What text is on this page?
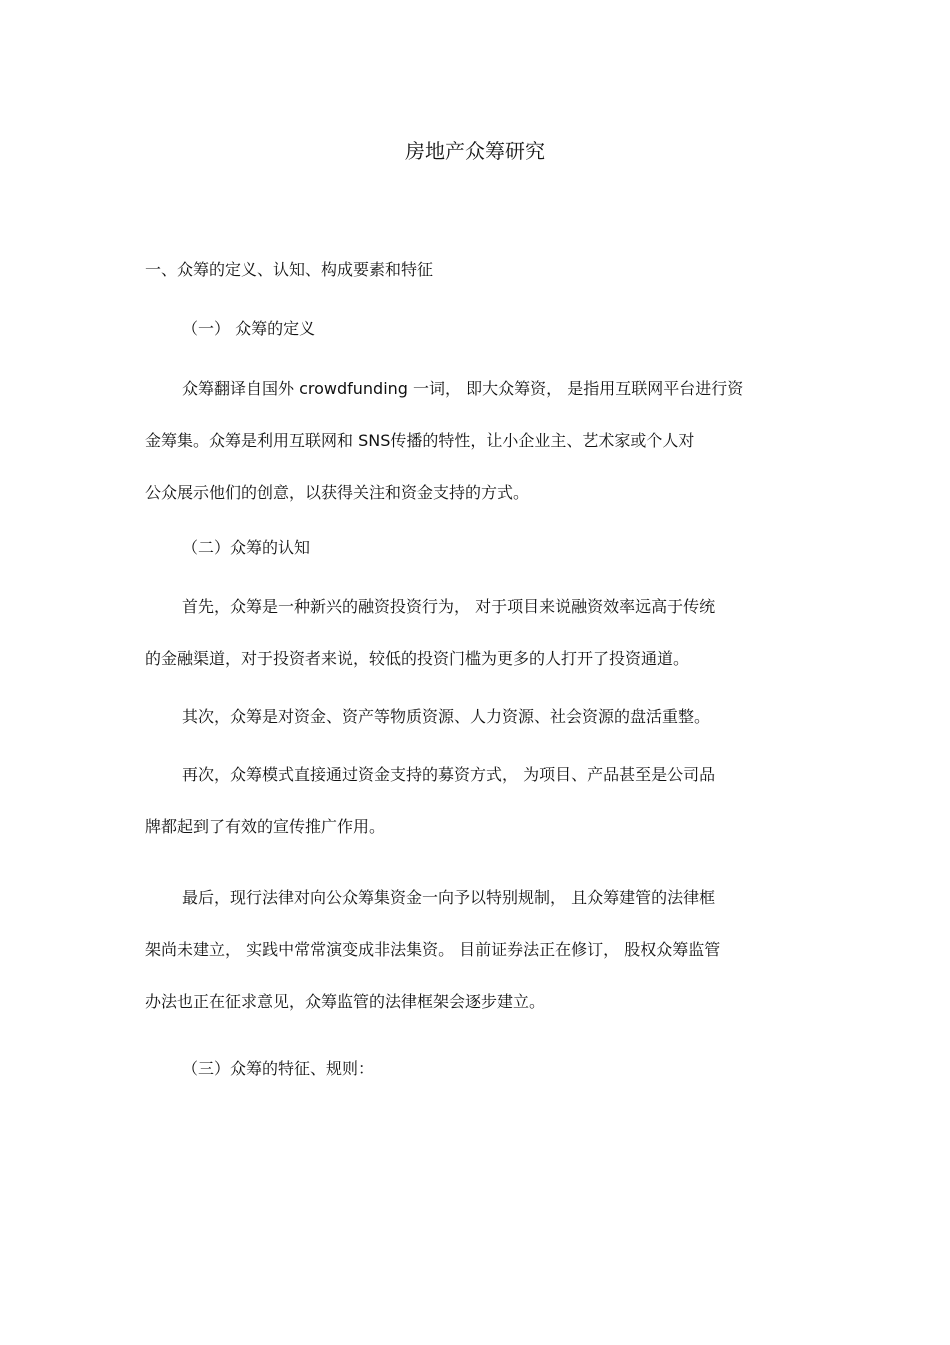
房地产众筹研究
一、众筹的定义、认知、构成要素和特征
（一） 众筹的定义
众筹翻译自国外 crowdfunding 一词， 即大众筹资， 是指用互联网平台进行资
金筹集。众筹是利用互联网和 SNS传播的特性，让小企业主、艺术家或个人对
公众展示他们的创意，以获得关注和资金支持的方式。
（二）众筹的认知
首先，众筹是一种新兴的融资投资行为， 对于项目来说融资效率远高于传统
的金融渠道，对于投资者来说，较低的投资门槛为更多的人打开了投资通道。
其次，众筹是对资金、资产等物质资源、人力资源、社会资源的盘活重整。
再次，众筹模式直接通过资金支持的募资方式， 为项目、产品甚至是公司品
牌都起到了有效的宣传推广作用。
最后，现行法律对向公众筹集资金一向予以特别规制， 且众筹建管的法律框
架尚未建立， 实践中常常演变成非法集资。 目前证券法正在修订， 股权众筹监管
办法也正在征求意见，众筹监管的法律框架会逐步建立。
（三）众筹的特征、规则：
